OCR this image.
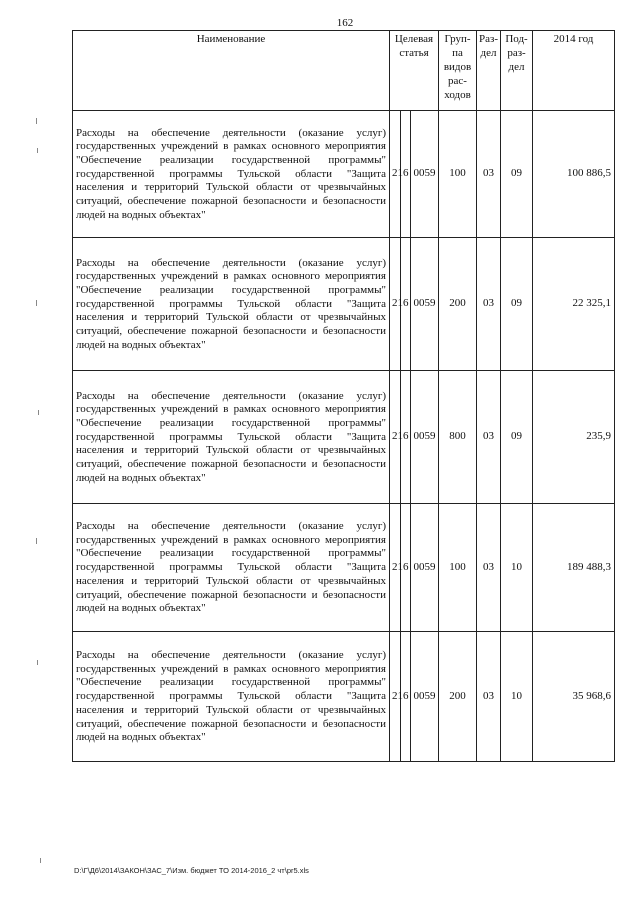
162
Наименование	Целевая статья			Груп-па видов рас-ходов	Раз-дел	Под-раз-дел	2014 год
Расходы на обеспечение деятельности (оказание услуг) государственных учреждений в рамках основного мероприятия "Обеспечение реализации государственной программы" государственной программы Тульской области "Защита населения и территорий Тульской области от чрезвычайных ситуаций, обеспечение пожарной безопасности и безопасности людей на водных объектах"	21	6	0059	100	03	09	100 886,5
Расходы на обеспечение деятельности (оказание услуг) государственных учреждений в рамках основного мероприятия "Обеспечение реализации государственной программы" государственной программы Тульской области "Защита населения и территорий Тульской области от чрезвычайных ситуаций, обеспечение пожарной безопасности и безопасности людей на водных объектах"	21	6	0059	200	03	09	22 325,1
Расходы на обеспечение деятельности (оказание услуг) государственных учреждений в рамках основного мероприятия "Обеспечение реализации государственной программы" государственной программы Тульской области "Защита населения и территорий Тульской области от чрезвычайных ситуаций, обеспечение пожарной безопасности и безопасности людей на водных объектах"	21	6	0059	800	03	09	235,9
Расходы на обеспечение деятельности (оказание услуг) государственных учреждений в рамках основного мероприятия "Обеспечение реализации государственной программы" государственной программы Тульской области "Защита населения и территорий Тульской области от чрезвычайных ситуаций, обеспечение пожарной безопасности и безопасности людей на водных объектах"	21	6	0059	100	03	10	189 488,3
Расходы на обеспечение деятельности (оказание услуг) государственных учреждений в рамках основного мероприятия "Обеспечение реализации государственной программы" государственной программы Тульской области "Защита населения и территорий Тульской области от чрезвычайных ситуаций, обеспечение пожарной безопасности и безопасности людей на водных объектах"	21	6	0059	200	03	10	35 968,6
D:\Г\Д6\2014\ЗАКОН\ЗАС_7\Изм. бюджет ТО 2014-2016_2 чт\pr5.xls
